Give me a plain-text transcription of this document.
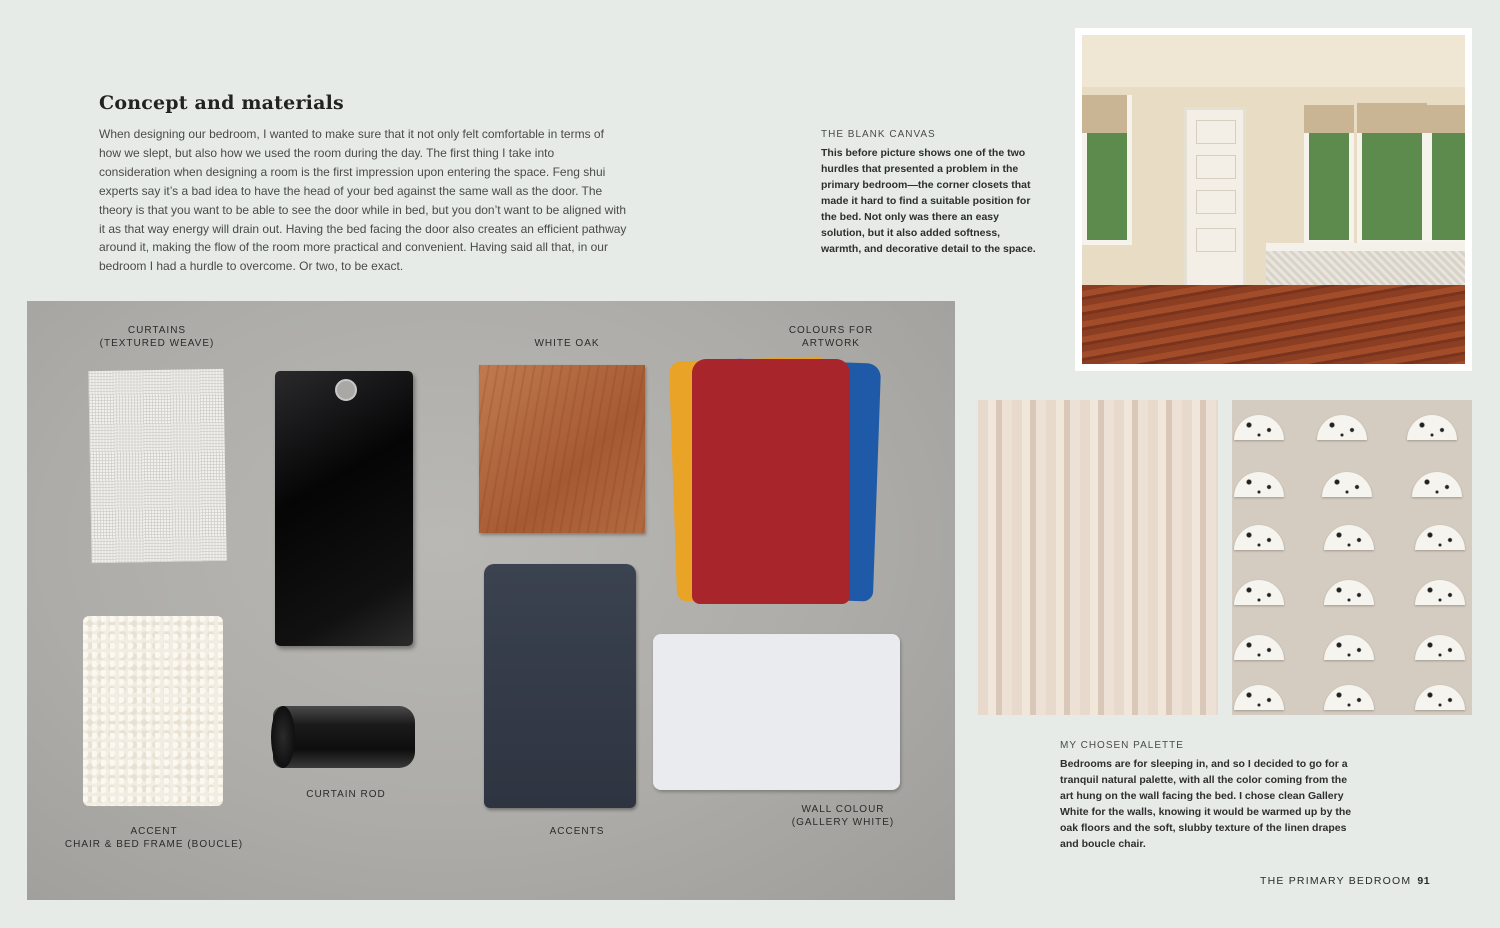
Concept and materials
When designing our bedroom, I wanted to make sure that it not only felt comfortable in terms of how we slept, but also how we used the room during the day. The first thing I take into consideration when designing a room is the first impression upon entering the space. Feng shui experts say it’s a bad idea to have the head of your bed against the same wall as the door. The theory is that you want to be able to see the door while in bed, but you don’t want to be aligned with it as that way energy will drain out. Having the bed facing the door also creates an efficient pathway around it, making the flow of the room more practical and convenient. Having said all that, in our bedroom I had a hurdle to overcome. Or two, to be exact.
THE BLANK CANVAS
This before picture shows one of the two hurdles that presented a problem in the primary bedroom—the corner closets that made it hard to find a suitable position for the bed. Not only was there an easy solution, but it also added softness, warmth, and decorative detail to the space.
CURTAINS
(TEXTURED WEAVE)	WHITE OAK
COLOURS FOR
ARTWORK
CURTAIN ROD
ACCENT
CHAIR & BED FRAME (BOUCLE)
ACCENTS
WALL COLOUR
(GALLERY WHITE)
MY CHOSEN PALETTE
Bedrooms are for sleeping in, and so I decided to go for a tranquil natural palette, with all the color coming from the art hung on the wall facing the bed. I chose clean Gallery White for the walls, knowing it would be warmed up by the oak floors and the soft, slubby texture of the linen drapes and boucle chair.
THE PRIMARY BEDROOM 91
